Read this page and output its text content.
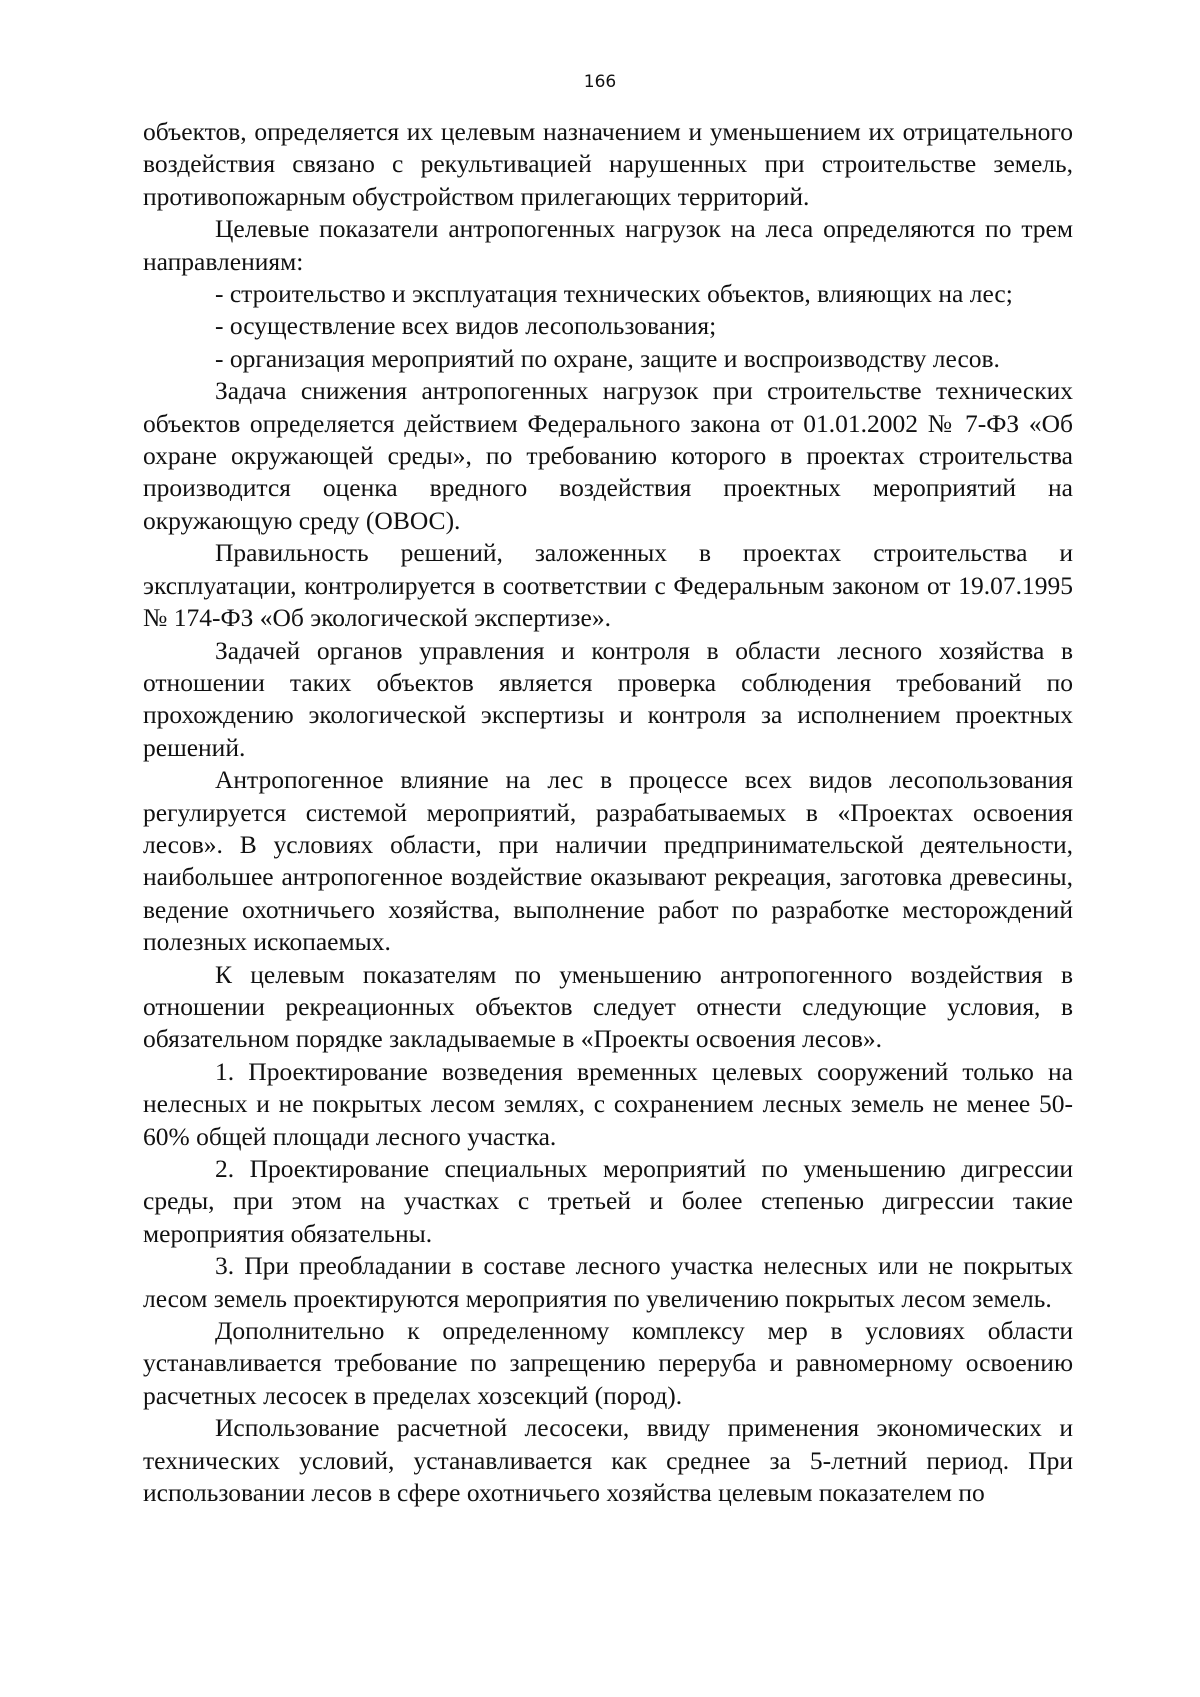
166

объектов, определяется их целевым назначением и уменьшением их отрицательного воздействия связано с рекультивацией нарушенных при строительстве земель, противопожарным обустройством прилегающих территорий.

Целевые показатели антропогенных нагрузок на леса определяются по трем направлениям:

- строительство и эксплуатация технических объектов, влияющих на лес;

- осуществление всех видов лесопользования;

- организация мероприятий по охране, защите и воспроизводству лесов.

Задача снижения антропогенных нагрузок при строительстве технических объектов определяется действием Федерального закона от 01.01.2002 № 7-ФЗ «Об охране окружающей среды», по требованию которого в проектах строительства производится оценка вредного воздействия проектных мероприятий на окружающую среду (ОВОС).

Правильность решений, заложенных в проектах строительства и эксплуатации, контролируется в соответствии с Федеральным законом от 19.07.1995 № 174-ФЗ «Об экологической экспертизе».

Задачей органов управления и контроля в области лесного хозяйства в отношении таких объектов является проверка соблюдения требований по прохождению экологической экспертизы и контроля за исполнением проектных решений.

Антропогенное влияние на лес в процессе всех видов лесопользования регулируется системой мероприятий, разрабатываемых в «Проектах освоения лесов». В условиях области, при наличии предпринимательской деятельности, наибольшее антропогенное воздействие оказывают рекреация, заготовка древесины, ведение охотничьего хозяйства, выполнение работ по разработке месторождений полезных ископаемых.

К целевым показателям по уменьшению антропогенного воздействия в отношении рекреационных объектов следует отнести следующие условия, в обязательном порядке закладываемые в «Проекты освоения лесов».

1. Проектирование возведения временных целевых сооружений только на нелесных и не покрытых лесом землях, с сохранением лесных земель не менее 50-60% общей площади лесного участка.

2. Проектирование специальных мероприятий по уменьшению дигрессии среды, при этом на участках с третьей и более степенью дигрессии такие мероприятия обязательны.

3. При преобладании в составе лесного участка нелесных или не покрытых лесом земель проектируются мероприятия по увеличению покрытых лесом земель.

Дополнительно к определенному комплексу мер в условиях области устанавливается требование по запрещению переруба и равномерному освоению расчетных лесосек в пределах хозсекций (пород).

Использование расчетной лесосеки, ввиду применения экономических и технических условий, устанавливается как среднее за 5-летний период. При использовании лесов в сфере охотничьего хозяйства целевым показателем по
